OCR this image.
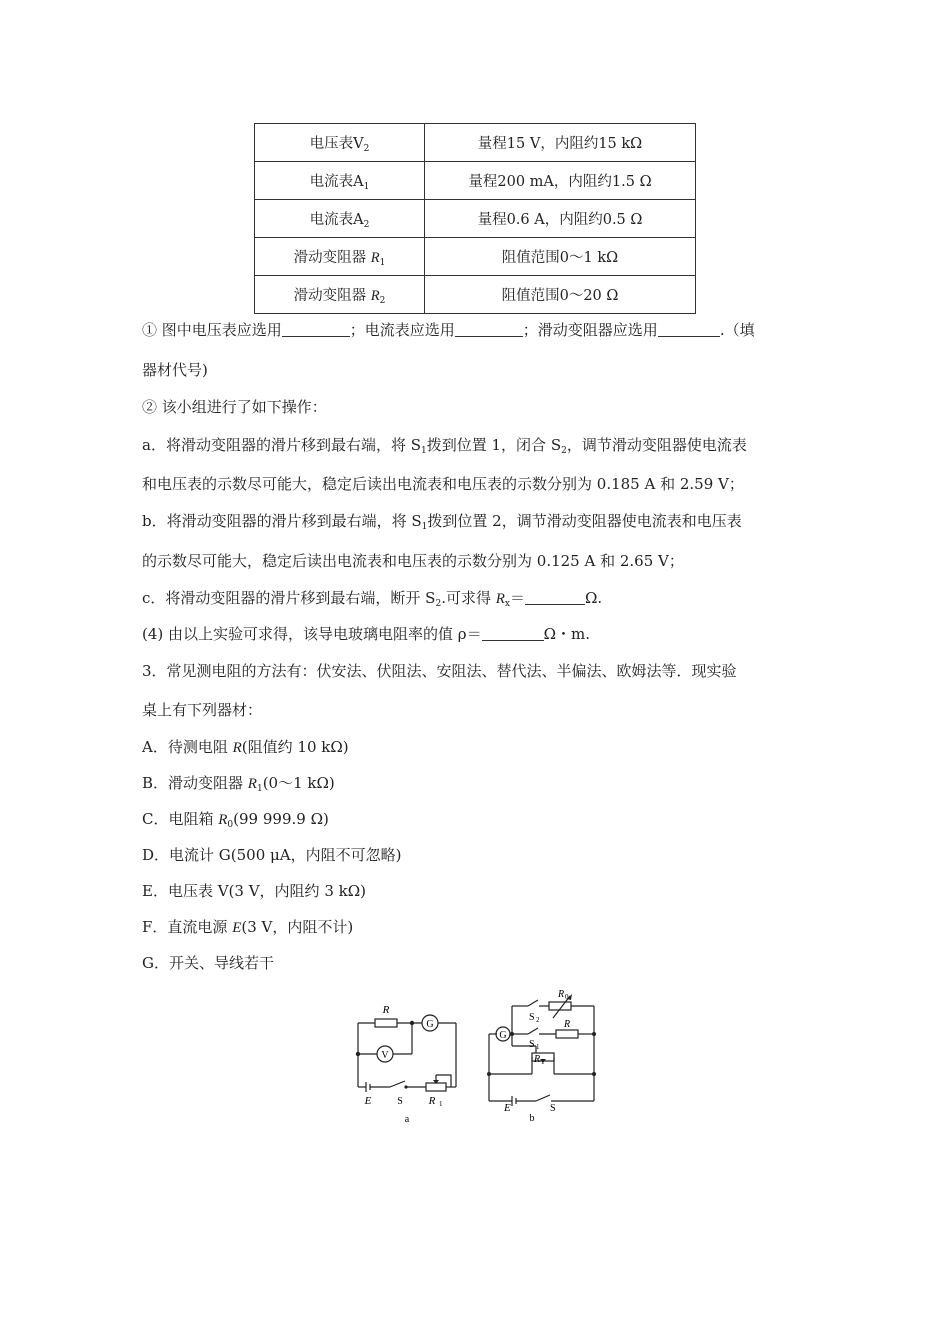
电压表$V_2$	量程15 V，内阻约15 kΩ
电流表$A_1$	量程200 mA，内阻约1.5 Ω
电流表$A_2$	量程0.6 A，内阻约0.5 Ω
滑动变阻器 $R_1$	阻值范围0～1 kΩ
滑动变阻器 $R_2$	阻值范围0～20 Ω
① 图中电压表应选用	；电流表应选用	；滑动变阻器应选用	.（填
器材代号)
② 该小组进行了如下操作：
a．将滑动变阻器的滑片移到最右端，将 $S_1$拨到位置 1，闭合 $S_2$，调节滑动变阻器使电流表
和电压表的示数尽可能大，稳定后读出电流表和电压表的示数分别为 0.185 A 和 2.59 V；
b．将滑动变阻器的滑片移到最右端，将 $S_1$拨到位置 2，调节滑动变阻器使电流表和电压表
的示数尽可能大，稳定后读出电流表和电压表的示数分别为 0.125 A 和 2.65 V；
c．将滑动变阻器的滑片移到最右端，断开 $S_2$.可求得 $R_x=$	Ω.
(4) 由以上实验可求得，该导电玻璃电阻率的值 ρ＝	Ω・m.
3．常见测电阻的方法有：伏安法、伏阻法、安阻法、替代法、半偏法、欧姆法等．现实验
桌上有下列器材：
A．待测电阻 R(阻值约 10 kΩ)
B．滑动变阻器 $R_1(0\sim 1$ kΩ)
C．电阻箱 $R_0(99$ 999.9 Ω)
D．电流计 G(500 μA，内阻不可忽略)
E．电压表 V(3 V，内阻约 3 kΩ)
F．直流电源 E(3 V，内阻不计)
G．开关、导线若干
R
G
V
E	S R 1
a
G
R 0
S 2 R
S 1
R 1
E	S
b
